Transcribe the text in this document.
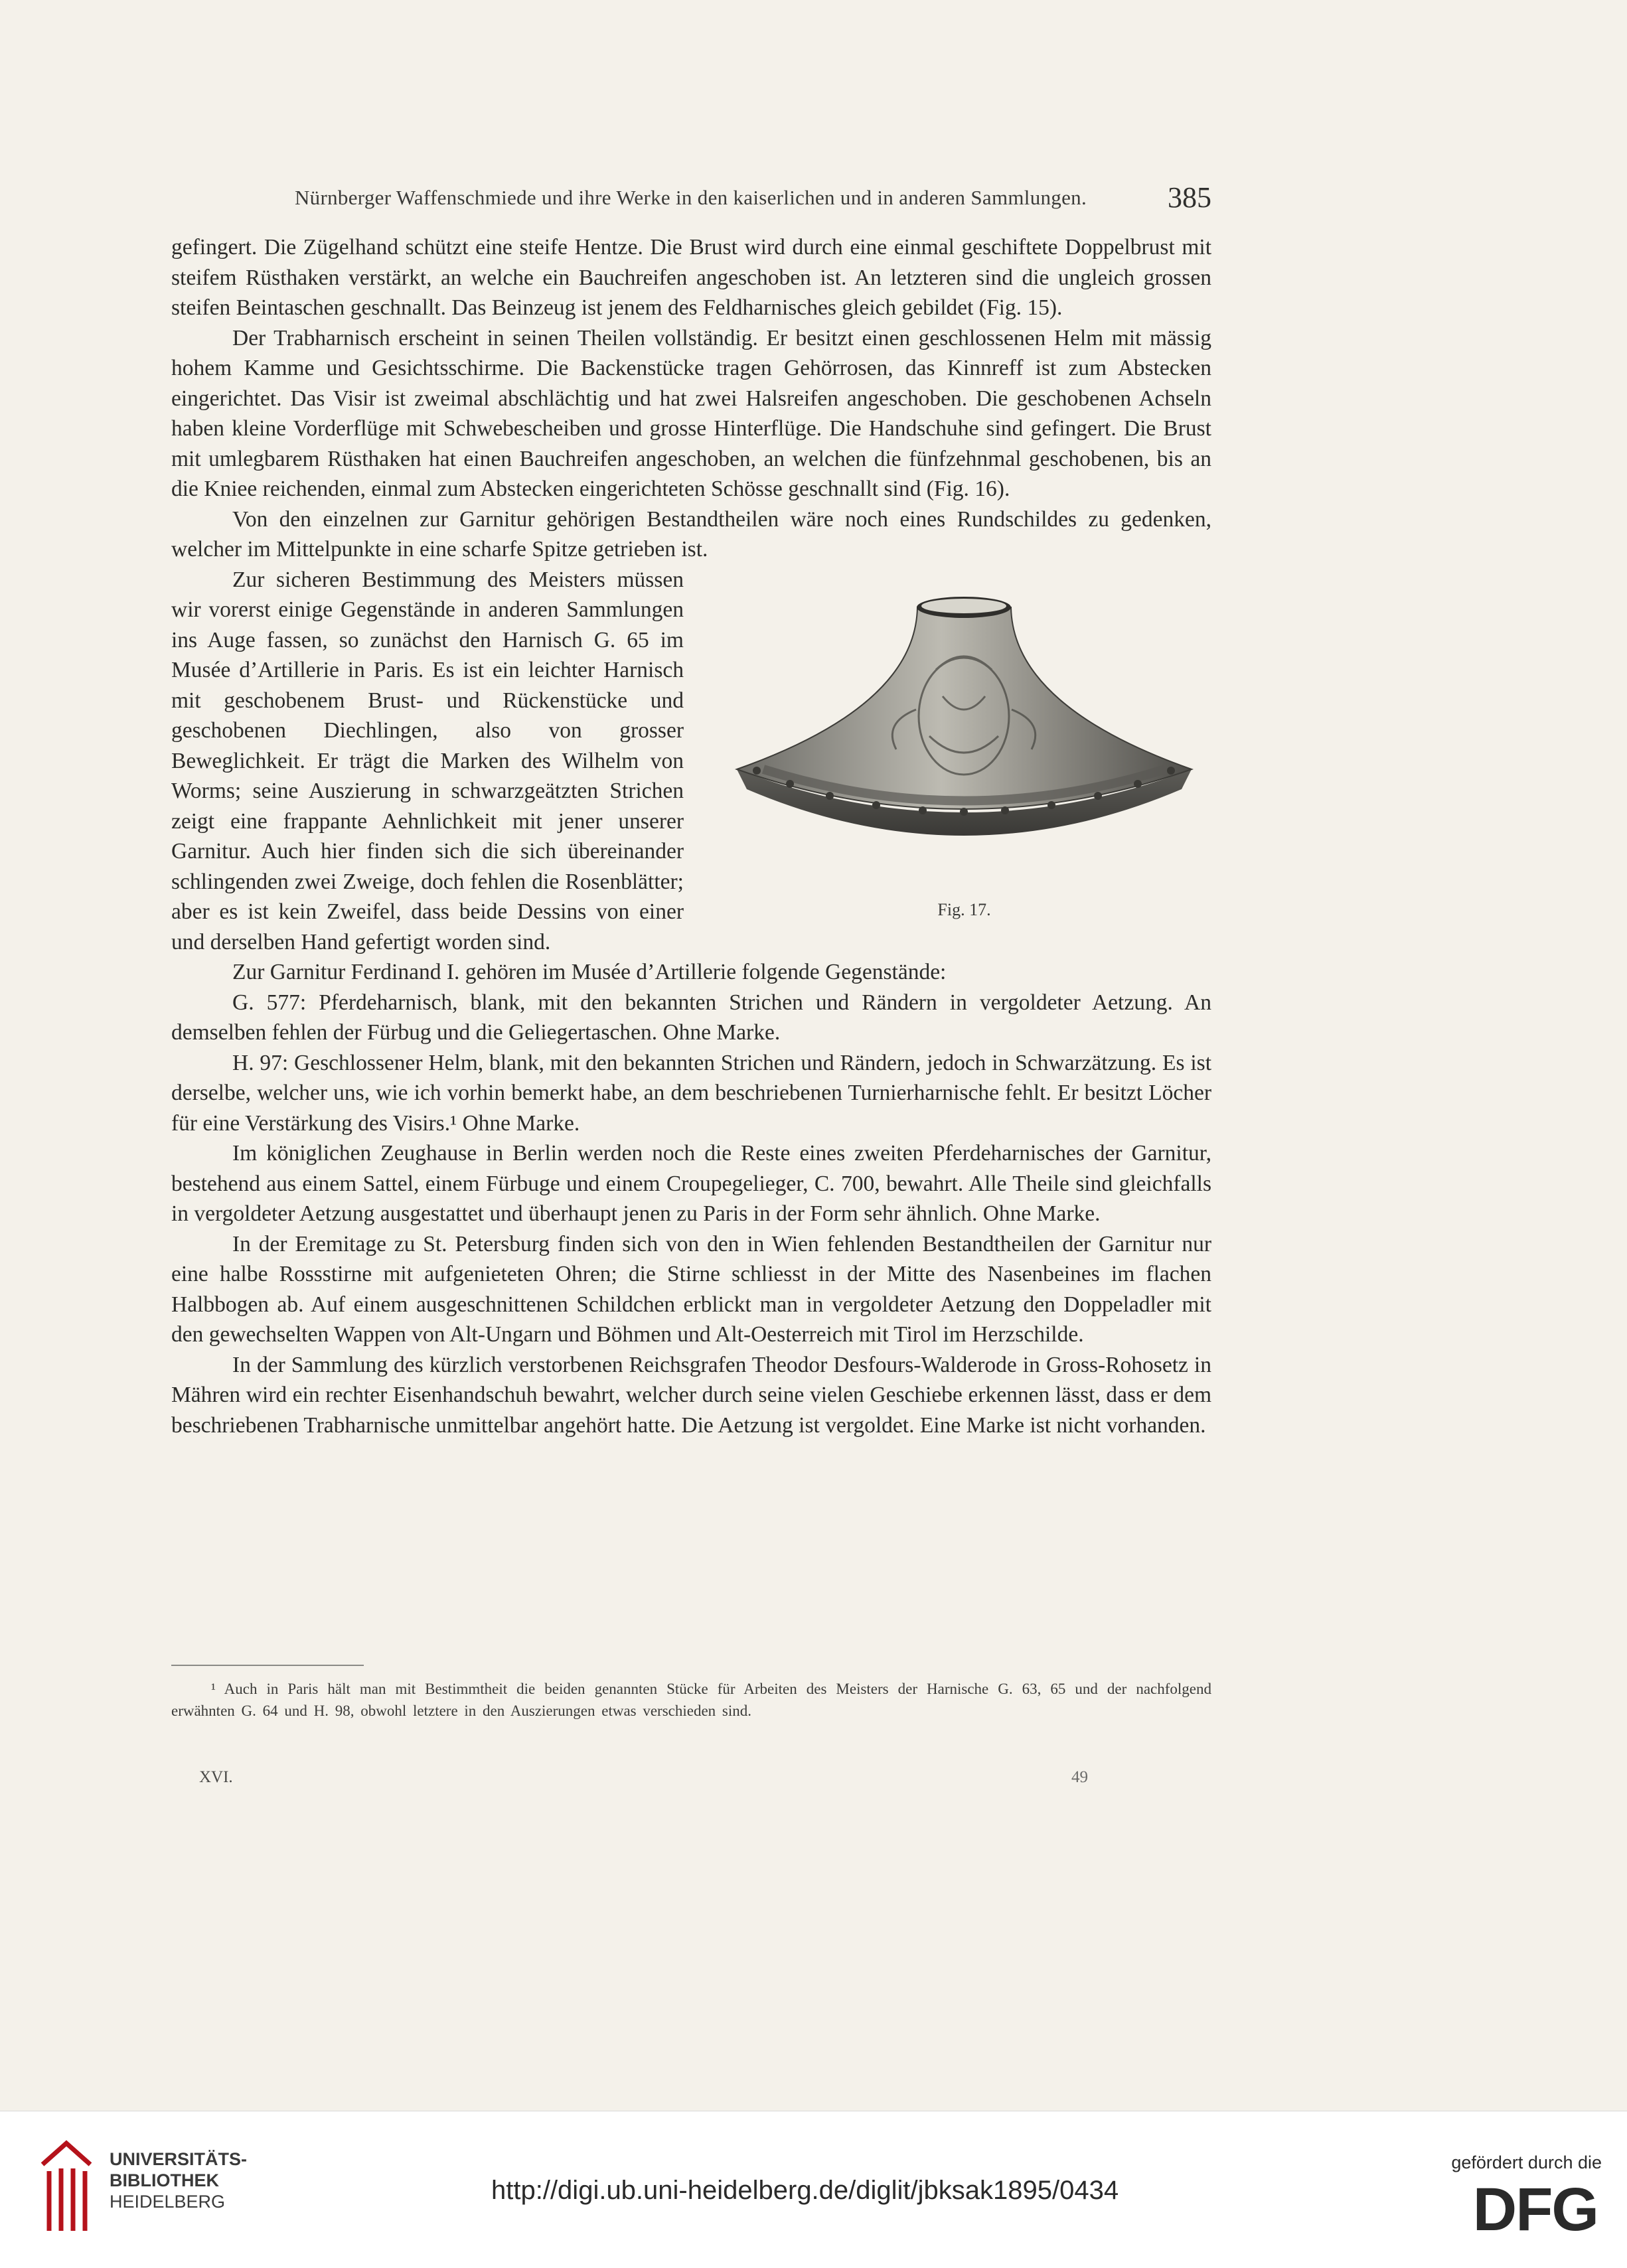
Nürnberger Waffenschmiede und ihre Werke in den kaiserlichen und in anderen Sammlungen.	385

gefingert. Die Zügelhand schützt eine steife Hentze. Die Brust wird durch eine einmal geschiftete Doppelbrust mit steifem Rüsthaken verstärkt, an welche ein Bauchreifen angeschoben ist. An letzteren sind die ungleich grossen steifen Beintaschen geschnallt. Das Beinzeug ist jenem des Feldharnisches gleich gebildet (Fig. 15).

Der Trabharnisch erscheint in seinen Theilen vollständig. Er besitzt einen geschlossenen Helm mit mässig hohem Kamme und Gesichtsschirme. Die Backenstücke tragen Gehörrosen, das Kinnreff ist zum Abstecken eingerichtet. Das Visir ist zweimal abschlächtig und hat zwei Halsreifen angeschoben. Die geschobenen Achseln haben kleine Vorderflüge mit Schwebescheiben und grosse Hinterflüge. Die Handschuhe sind gefingert. Die Brust mit umlegbarem Rüsthaken hat einen Bauchreifen angeschoben, an welchen die fünfzehnmal geschobenen, bis an die Kniee reichenden, einmal zum Abstecken eingerichteten Schösse geschnallt sind (Fig. 16).

Von den einzelnen zur Garnitur gehörigen Bestandtheilen wäre noch eines Rundschildes zu gedenken, welcher im Mittelpunkte in eine scharfe Spitze getrieben ist.

Fig. 17.

Zur sicheren Bestimmung des Meisters müssen wir vorerst einige Gegenstände in anderen Sammlungen ins Auge fassen, so zunächst den Harnisch G. 65 im Musée d’Artillerie in Paris. Es ist ein leichter Harnisch mit geschobenem Brust- und Rückenstücke und geschobenen Diechlingen, also von grosser Beweglichkeit. Er trägt die Marken des Wilhelm von Worms; seine Auszierung in schwarzgeätzten Strichen zeigt eine frappante Aehnlichkeit mit jener unserer Garnitur. Auch hier finden sich die sich übereinander schlingenden zwei Zweige, doch fehlen die Rosenblätter; aber es ist kein Zweifel, dass beide Dessins von einer und derselben Hand gefertigt worden sind.

Zur Garnitur Ferdinand I. gehören im Musée d’Artillerie folgende Gegenstände:

G. 577: Pferdeharnisch, blank, mit den bekannten Strichen und Rändern in vergoldeter Aetzung. An demselben fehlen der Fürbug und die Geliegertaschen. Ohne Marke.

H. 97: Geschlossener Helm, blank, mit den bekannten Strichen und Rändern, jedoch in Schwarzätzung. Es ist derselbe, welcher uns, wie ich vorhin bemerkt habe, an dem beschriebenen Turnierharnische fehlt. Er besitzt Löcher für eine Verstärkung des Visirs.¹ Ohne Marke.

Im königlichen Zeughause in Berlin werden noch die Reste eines zweiten Pferdeharnisches der Garnitur, bestehend aus einem Sattel, einem Fürbuge und einem Croupegelieger, C. 700, bewahrt. Alle Theile sind gleichfalls in vergoldeter Aetzung ausgestattet und überhaupt jenen zu Paris in der Form sehr ähnlich. Ohne Marke.

In der Eremitage zu St. Petersburg finden sich von den in Wien fehlenden Bestandtheilen der Garnitur nur eine halbe Rossstirne mit aufgenieteten Ohren; die Stirne schliesst in der Mitte des Nasenbeines im flachen Halbbogen ab. Auf einem ausgeschnittenen Schildchen erblickt man in vergoldeter Aetzung den Doppeladler mit den gewechselten Wappen von Alt-Ungarn und Böhmen und Alt-Oesterreich mit Tirol im Herzschilde.

In der Sammlung des kürzlich verstorbenen Reichsgrafen Theodor Desfours-Walderode in Gross-Rohosetz in Mähren wird ein rechter Eisenhandschuh bewahrt, welcher durch seine vielen Geschiebe erkennen lässt, dass er dem beschriebenen Trabharnische unmittelbar angehört hatte. Die Aetzung ist vergoldet. Eine Marke ist nicht vorhanden.

¹ Auch in Paris hält man mit Bestimmtheit die beiden genannten Stücke für Arbeiten des Meisters der Harnische G. 63, 65 und der nachfolgend erwähnten G. 64 und H. 98, obwohl letztere in den Auszierungen etwas verschieden sind.
XVI.	49
UNIVERSITÄTS-
BIBLIOTHEK
HEIDELBERG	http://digi.ub.uni-heidelberg.de/diglit/jbksak1895/0434
gefördert durch die
DFG
